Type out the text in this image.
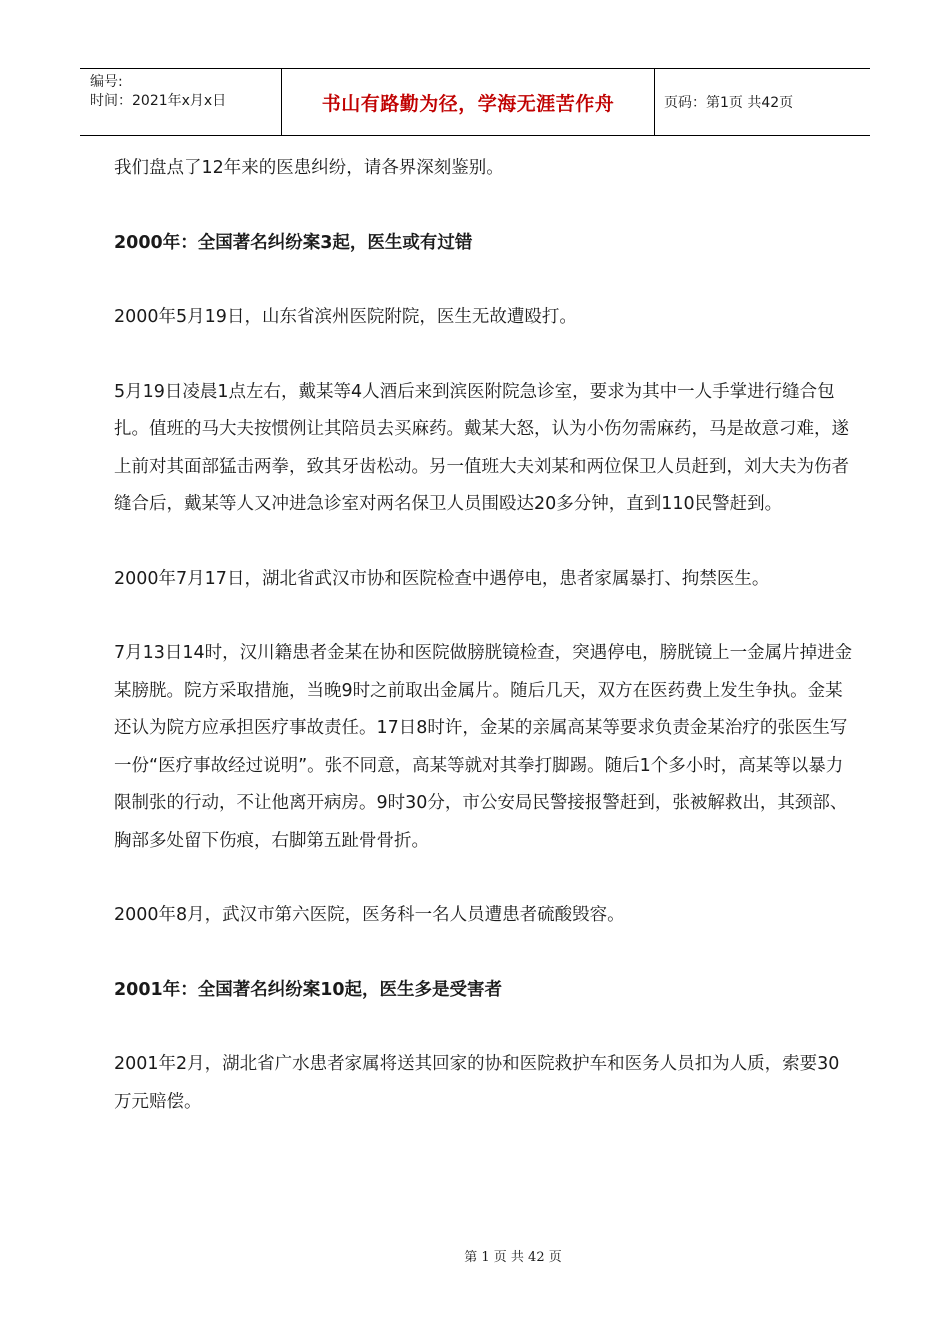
编号:
时间：2021年x月x日	书山有路勤为径，学海无涯苦作舟	页码：第1页 共42页

我们盘点了12年来的医患纠纷，请各界深刻鉴别。

2000年：全国著名纠纷案3起，医生或有过错

2000年5月19日，山东省滨州医院附院，医生无故遭殴打。

5月19日凌晨1点左右，戴某等4人酒后来到滨医附院急诊室，要求为其中一人手掌进行缝合包扎。值班的马大夫按惯例让其陪员去买麻药。戴某大怒，认为小伤勿需麻药，马是故意刁难，遂上前对其面部猛击两拳，致其牙齿松动。另一值班大夫刘某和两位保卫人员赶到，刘大夫为伤者缝合后，戴某等人又冲进急诊室对两名保卫人员围殴达20多分钟，直到110民警赶到。

2000年7月17日，湖北省武汉市协和医院检查中遇停电，患者家属暴打、拘禁医生。

7月13日14时，汉川籍患者金某在协和医院做膀胱镜检查，突遇停电，膀胱镜上一金属片掉进金某膀胱。院方采取措施，当晚9时之前取出金属片。随后几天，双方在医药费上发生争执。金某还认为院方应承担医疗事故责任。17日8时许，金某的亲属高某等要求负责金某治疗的张医生写一份“医疗事故经过说明”。张不同意，高某等就对其拳打脚踢。随后1个多小时，高某等以暴力限制张的行动，不让他离开病房。9时30分，市公安局民警接报警赶到，张被解救出，其颈部、胸部多处留下伤痕，右脚第五趾骨骨折。

2000年8月，武汉市第六医院，医务科一名人员遭患者硫酸毁容。

2001年：全国著名纠纷案10起，医生多是受害者

2001年2月，湖北省广水患者家属将送其回家的协和医院救护车和医务人员扣为人质，索要30万元赔偿。

第 1 页 共 42 页
